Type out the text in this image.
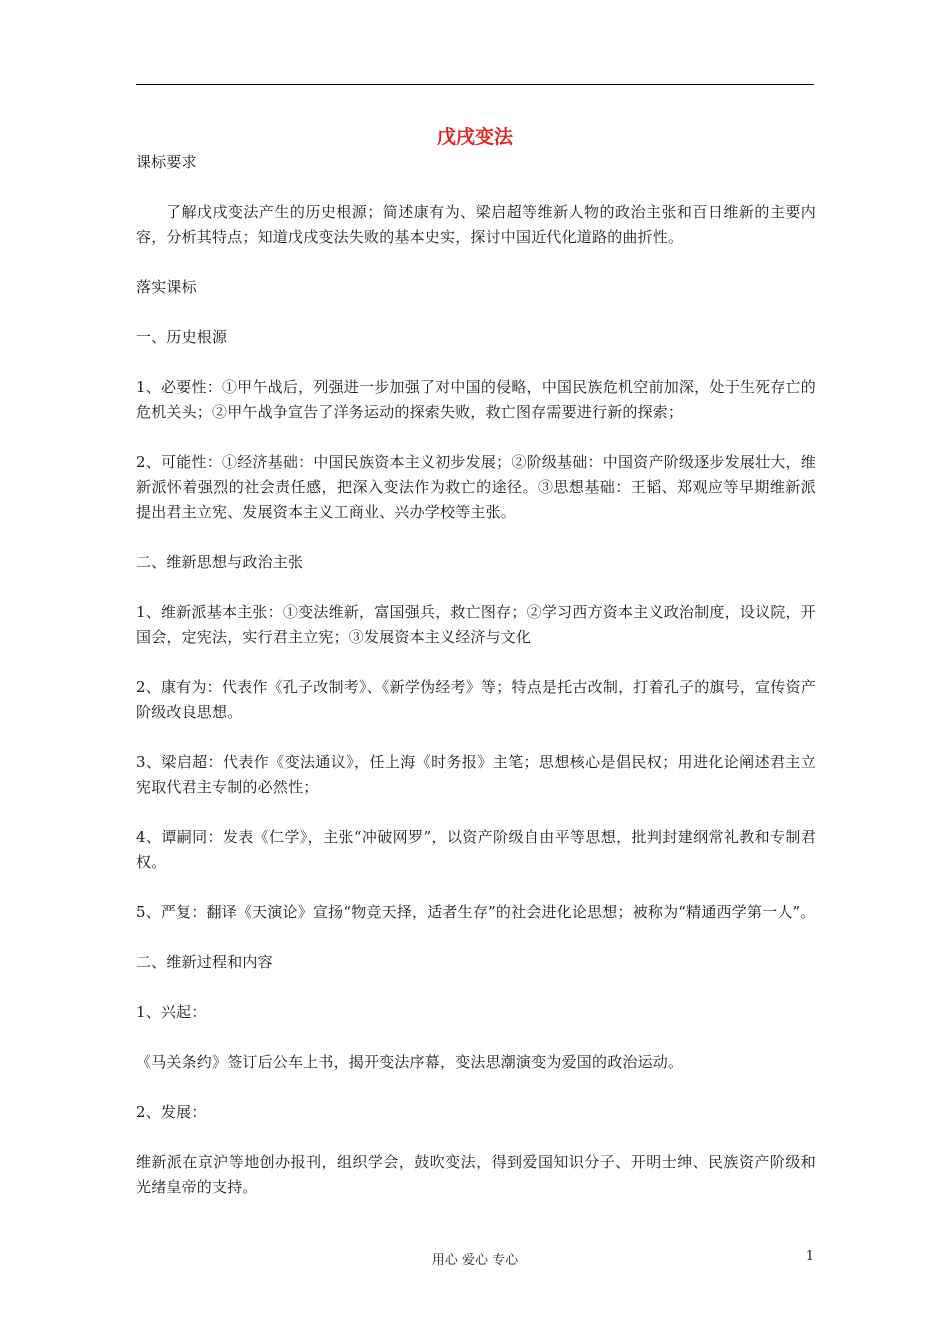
戊戌变法

课标要求

了解戊戌变法产生的历史根源；简述康有为、梁启超等维新人物的政治主张和百日维新的主要内容，分析其特点；知道戊戌变法失败的基本史实，探讨中国近代化道路的曲折性。

落实课标

一、历史根源

1、必要性：①甲午战后，列强进一步加强了对中国的侵略，中国民族危机空前加深，处于生死存亡的危机关头；②甲午战争宣告了洋务运动的探索失败，救亡图存需要进行新的探索；

2、可能性：①经济基础：中国民族资本主义初步发展；②阶级基础：中国资产阶级逐步发展壮大，维新派怀着强烈的社会责任感，把深入变法作为救亡的途径。③思想基础：王韬、郑观应等早期维新派提出君主立宪、发展资本主义工商业、兴办学校等主张。

二、维新思想与政治主张

1、维新派基本主张：①变法维新，富国强兵，救亡图存；②学习西方资本主义政治制度，设议院，开国会，定宪法，实行君主立宪；③发展资本主义经济与文化

2、康有为：代表作《孔子改制考》、《新学伪经考》等；特点是托古改制，打着孔子的旗号，宣传资产阶级改良思想。

3、梁启超：代表作《变法通议》，任上海《时务报》主笔；思想核心是倡民权；用进化论阐述君主立宪取代君主专制的必然性；

4、谭嗣同：发表《仁学》，主张“冲破网罗”，以资产阶级自由平等思想，批判封建纲常礼教和专制君权。

5、严复：翻译《天演论》宣扬“物竞天择，适者生存”的社会进化论思想；被称为“精通西学第一人”。

二、维新过程和内容

1、兴起：

《马关条约》签订后公车上书，揭开变法序幕，变法思潮演变为爱国的政治运动。

2、发展：

维新派在京沪等地创办报刊，组织学会，鼓吹变法，得到爱国知识分子、开明士绅、民族资产阶级和光绪皇帝的支持。

用心 爱心 专心	1
